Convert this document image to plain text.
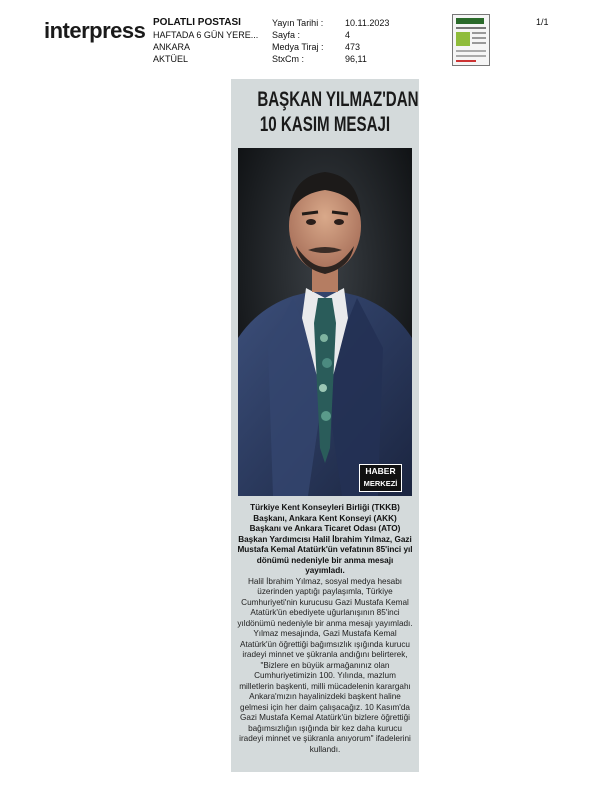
interpress POLATLI POSTASI
HAFTADA 6 GÜN YERE...
ANKARA
AKTÜEL
Yayın Tarihi :
Sayfa :
Medya Tiraj :
StxCm :
10.11.2023
4
473
96,11
1/1
BAŞKAN YILMAZ'DAN
10 KASIM MESAJI
HABER
MERKEZİ

Türkiye Kent Konseyleri Birliği (TKKB) Başkanı, Ankara Kent Konseyi (AKK) Başkanı ve Ankara Ticaret Odası (ATO) Başkan Yardımcısı Halil İbrahim Yılmaz, Gazi Mustafa Kemal Atatürk'ün vefatının 85'inci yıl dönümü nedeniyle bir anma mesajı yayımladı.

Halil İbrahim Yılmaz, sosyal medya hesabı üzerinden yaptığı paylaşımla, Türkiye Cumhuriyeti'nin kurucusu Gazi Mustafa Kemal Atatürk'ün ebediyete uğurlanışının 85'inci yıldönümü nedeniyle bir anma mesajı yayımladı.

Yılmaz mesajında, Gazi Mustafa Kemal Atatürk'ün öğrettiği bağımsızlık ışığında kurucu iradeyi minnet ve şükranla andığını belirterek, "Bizlere en büyük armağanınız olan Cumhuriyetimizin 100. Yılında, mazlum milletlerin başkenti, milli mücadelenin karargahı Ankara'mızın hayalinizdeki başkent haline gelmesi için her daim çalışacağız. 10 Kasım'da Gazi Mustafa Kemal Atatürk'ün bizlere öğrettiği bağımsızlığın ışığında bir kez daha kurucu iradeyi minnet ve şükranla anıyorum" ifadelerini kullandı.
